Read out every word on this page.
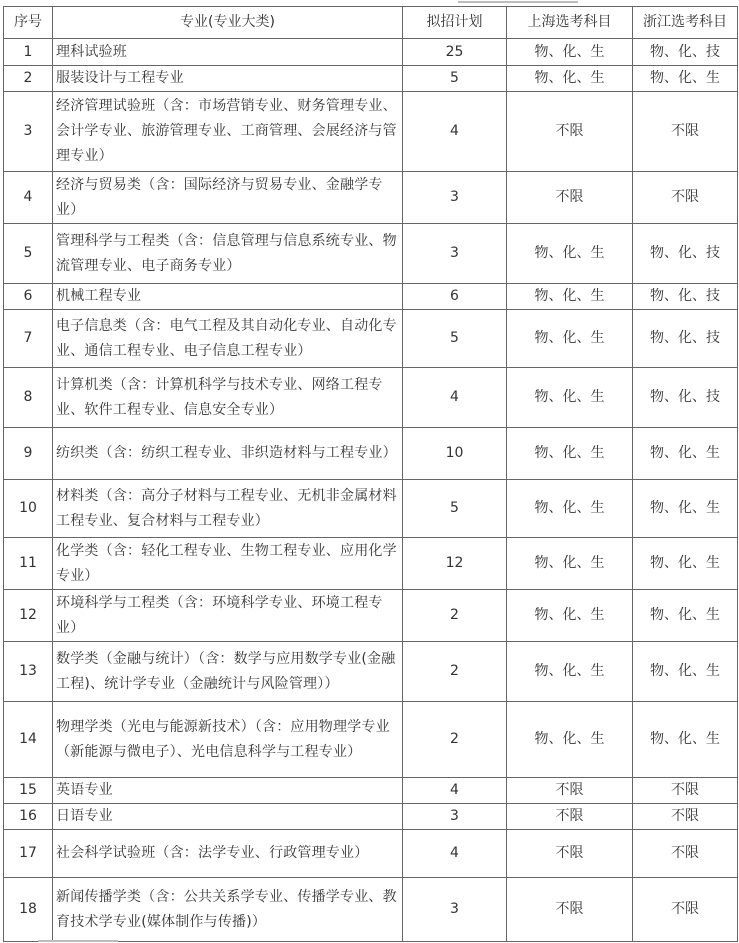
序号	专业(专业大类)	拟招计划	上海选考科目	浙江选考科目
1	理科试验班	25	物、化、生	物、化、技
2	服装设计与工程专业	5	物、化、生	物、化、生
3	经济管理试验班（含：市场营销专业、财务管理专业、会计学专业、旅游管理专业、工商管理、会展经济与管理专业）	4	不限	不限
4	经济与贸易类（含：国际经济与贸易专业、金融学专业）	3	不限	不限
5	管理科学与工程类（含：信息管理与信息系统专业、物流管理专业、电子商务专业）	3	物、化、生	物、化、技
6	机械工程专业	6	物、化、生	物、化、技
7	电子信息类（含：电气工程及其自动化专业、自动化专业、通信工程专业、电子信息工程专业）	5	物、化、生	物、化、技
8	计算机类（含：计算机科学与技术专业、网络工程专业、软件工程专业、信息安全专业）	4	物、化、生	物、化、技
9	纺织类（含：纺织工程专业、非织造材料与工程专业）	10	物、化、生	物、化、生
10	材料类（含：高分子材料与工程专业、无机非金属材料工程专业、复合材料与工程专业）	5	物、化、生	物、化、生
11	化学类（含：轻化工程专业、生物工程专业、应用化学专业）	12	物、化、生	物、化、生
12	环境科学与工程类（含：环境科学专业、环境工程专业）	2	物、化、生	物、化、生
13	数学类（金融与统计）（含：数学与应用数学专业(金融工程)、统计学专业（金融统计与风险管理））	2	物、化、生	物、化、生
14	物理学类（光电与能源新技术）（含：应用物理学专业（新能源与微电子）、光电信息科学与工程专业）	2	物、化、生	物、化、生
15	英语专业	4	不限	不限
16	日语专业	3	不限	不限
17	社会科学试验班（含：法学专业、行政管理专业）	4	不限	不限
18	新闻传播学类（含：公共关系学专业、传播学专业、教育技术学专业(媒体制作与传播)）	3	不限	不限
